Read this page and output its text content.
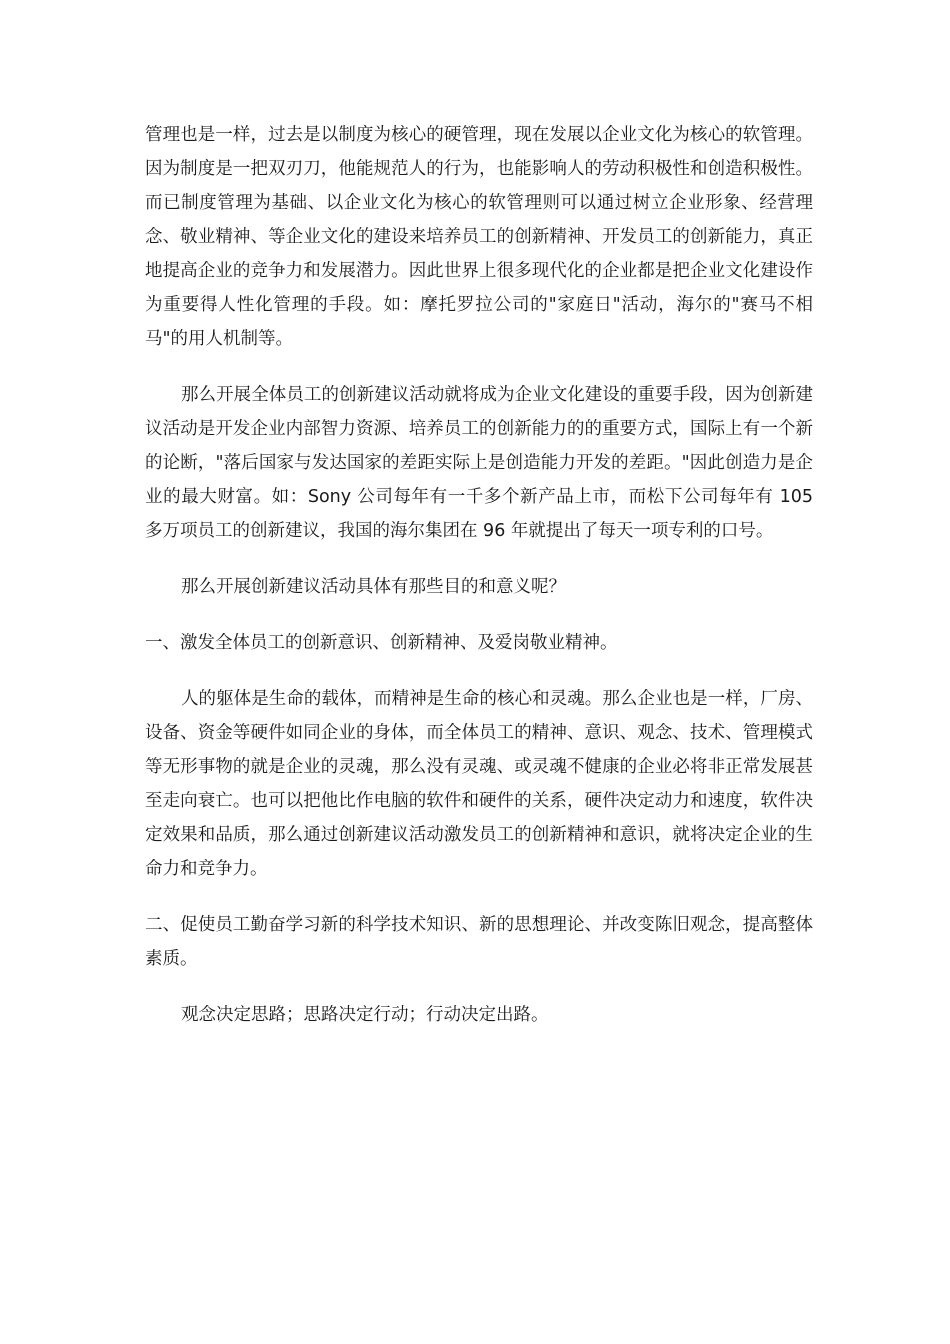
管理也是一样，过去是以制度为核心的硬管理，现在发展以企业文化为核心的软管理。因为制度是一把双刃刀，他能规范人的行为，也能影响人的劳动积极性和创造积极性。而已制度管理为基础、以企业文化为核心的软管理则可以通过树立企业形象、经营理念、敬业精神、等企业文化的建设来培养员工的创新精神、开发员工的创新能力，真正地提高企业的竞争力和发展潜力。因此世界上很多现代化的企业都是把企业文化建设作为重要得人性化管理的手段。如：摩托罗拉公司的"家庭日"活动，海尔的"赛马不相马"的用人机制等。

那么开展全体员工的创新建议活动就将成为企业文化建设的重要手段，因为创新建议活动是开发企业内部智力资源、培养员工的创新能力的的重要方式，国际上有一个新的论断，"落后国家与发达国家的差距实际上是创造能力开发的差距。"因此创造力是企业的最大财富。如：Sony 公司每年有一千多个新产品上市，而松下公司每年有 105 多万项员工的创新建议，我国的海尔集团在 96 年就提出了每天一项专利的口号。

那么开展创新建议活动具体有那些目的和意义呢？

一、激发全体员工的创新意识、创新精神、及爱岗敬业精神。

人的躯体是生命的载体，而精神是生命的核心和灵魂。那么企业也是一样，厂房、设备、资金等硬件如同企业的身体，而全体员工的精神、意识、观念、技术、管理模式等无形事物的就是企业的灵魂，那么没有灵魂、或灵魂不健康的企业必将非正常发展甚至走向衰亡。也可以把他比作电脑的软件和硬件的关系，硬件决定动力和速度，软件决定效果和品质，那么通过创新建议活动激发员工的创新精神和意识，就将决定企业的生命力和竞争力。

二、促使员工勤奋学习新的科学技术知识、新的思想理论、并改变陈旧观念，提高整体素质。

观念决定思路；思路决定行动；行动决定出路。
